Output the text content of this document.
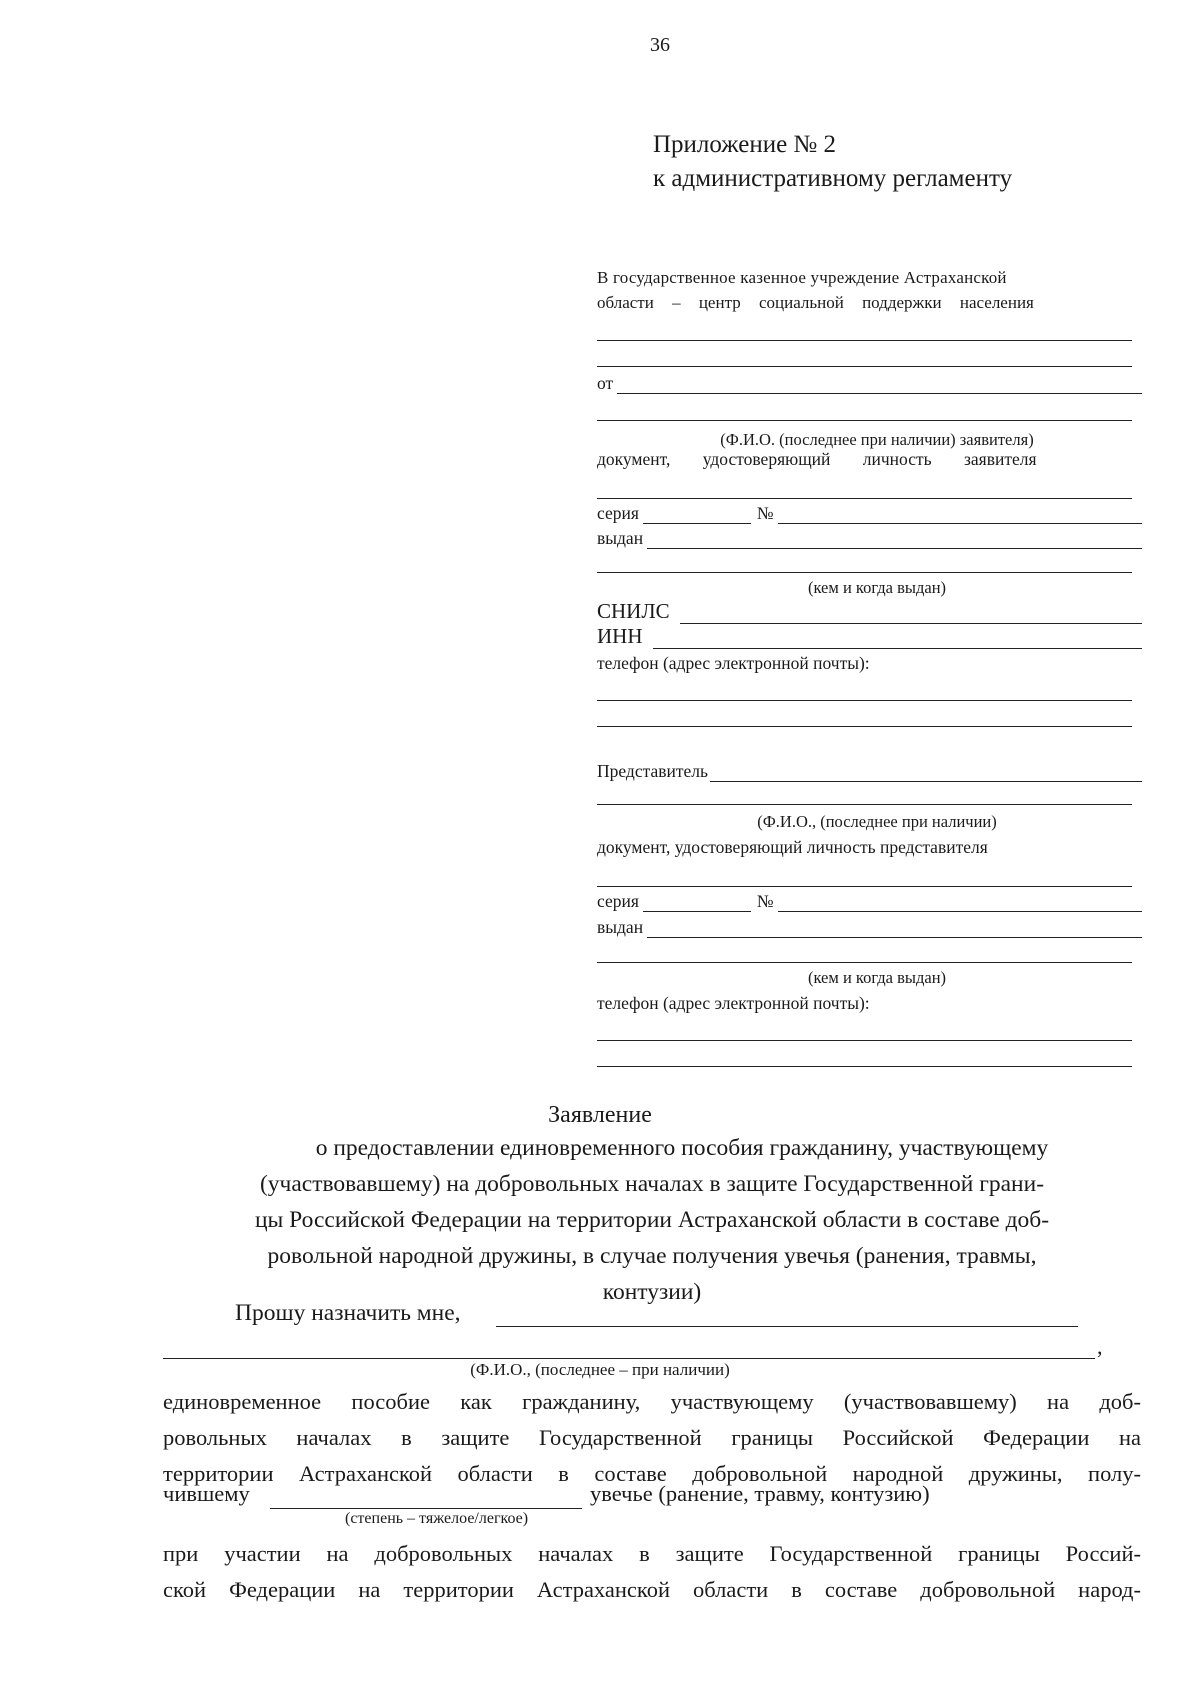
36
Приложение № 2
к административному регламенту
В государственное казенное учреждение Астраханской
области – центр социальной поддержки населения
от
(Ф.И.О. (последнее при наличии) заявителя)
документ, удостоверяющий личность заявителя
серия	№
выдан
(кем и когда выдан)
СНИЛС
ИНН
телефон (адрес электронной почты):
Представитель
(Ф.И.О., (последнее при наличии)
документ, удостоверяющий личность представителя
серия	№
выдан
(кем и когда выдан)
телефон (адрес электронной почты):
Заявление
о предоставлении единовременного пособия гражданину, участвующему
(участвовавшему) на добровольных началах в защите Государственной грани-
цы Российской Федерации на территории Астраханской области в составе доб-
ровольной народной дружины, в случае получения увечья (ранения, травмы,
контузии)
Прошу назначить мне,
,
(Ф.И.О., (последнее – при наличии)
единовременное пособие как гражданину, участвующему (участвовавшему) на доб-
ровольных началах в защите Государственной границы Российской Федерации на
территории Астраханской области в составе добровольной народной дружины, полу-
чившему	увечье (ранение, травму, контузию)
(степень – тяжелое/легкое)
при участии на добровольных началах в защите Государственной границы Россий-
ской Федерации на территории Астраханской области в составе добровольной народ-
